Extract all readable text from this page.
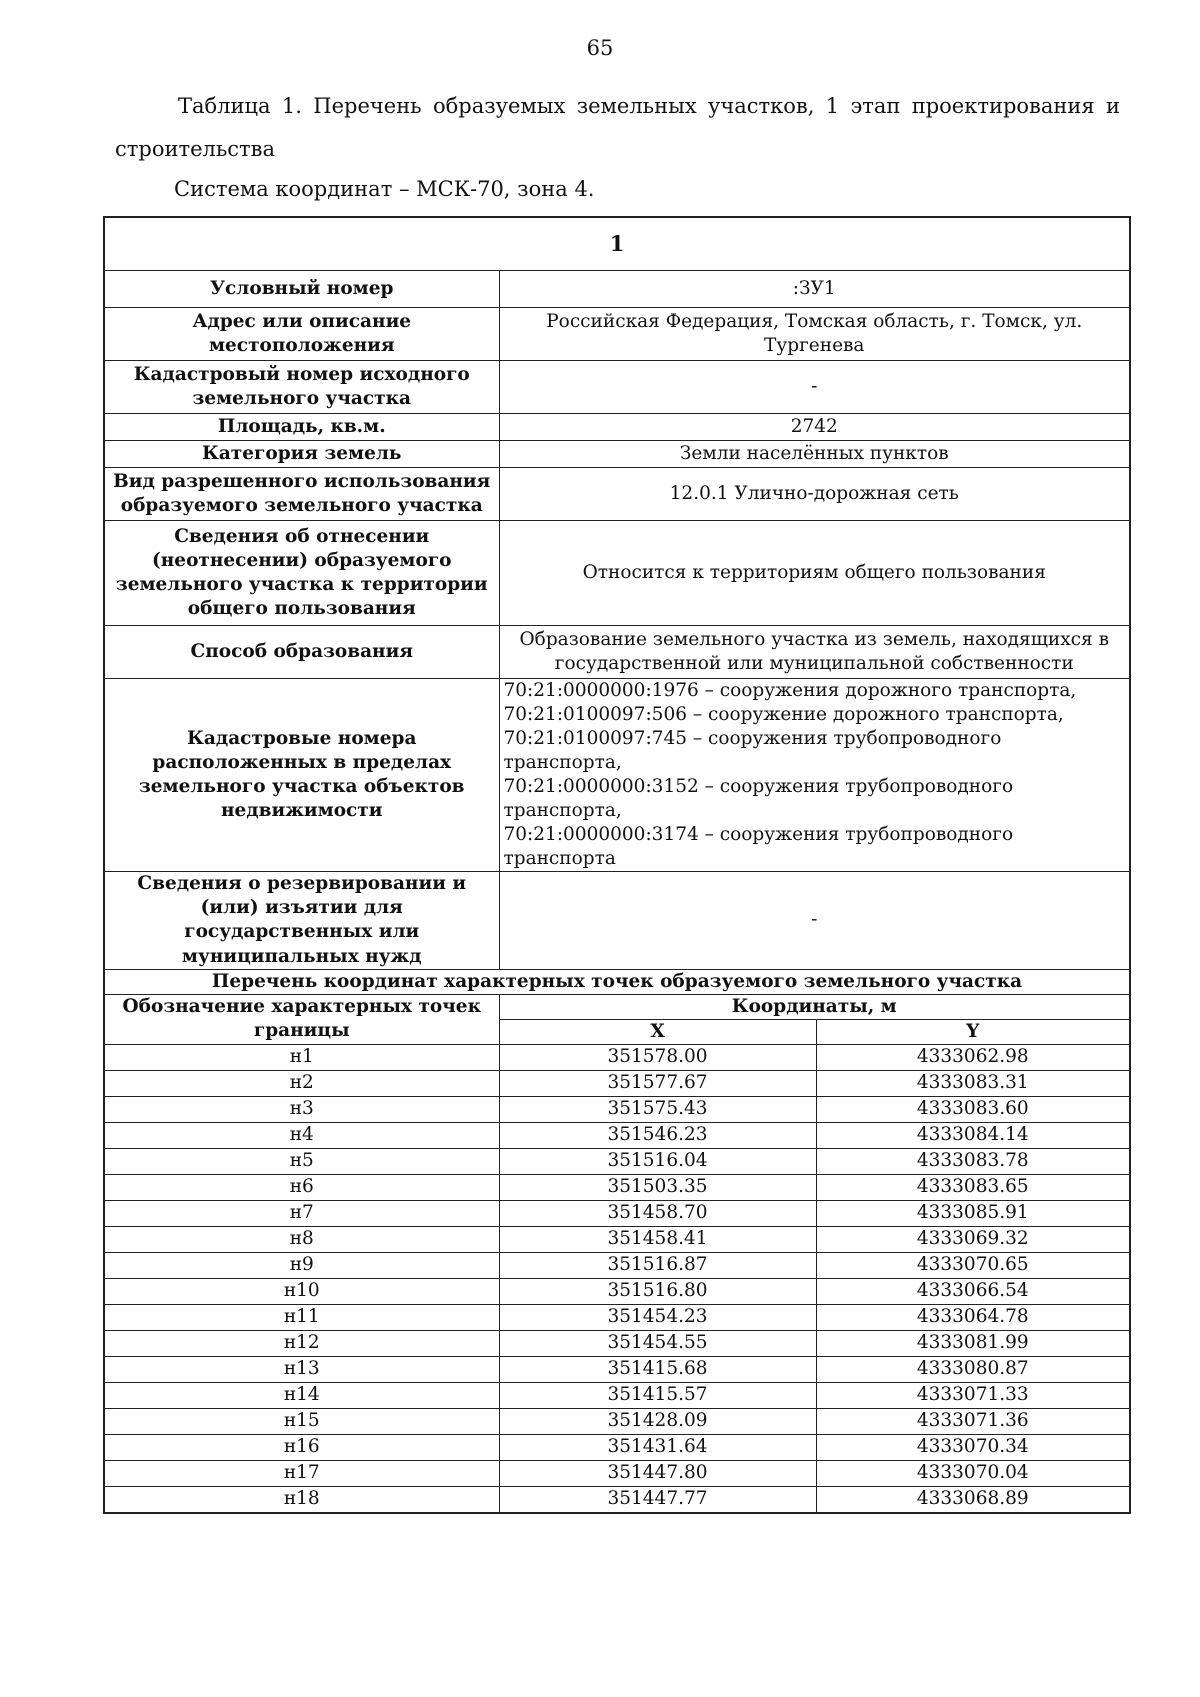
65
Таблица 1. Перечень образуемых земельных участков, 1 этап проектирования и
строительства
Система координат – МСК-70, зона 4.
1		
Условный номер	:ЗУ1	
Адрес или описание местоположения	Российская Федерация, Томская область, г. Томск, ул. Тургенева	
Кадастровый номер исходного земельного участка	-	
Площадь, кв.м.	2742	
Категория земель	Земли населённых пунктов	
Вид разрешенного использования образуемого земельного участка	12.0.1 Улично-дорожная сеть	
Сведения об отнесении (неотнесении) образуемого земельного участка к территории общего пользования	Относится к территориям общего пользования	
Способ образования	Образование земельного участка из земель, находящихся в государственной или муниципальной собственности	
Кадастровые номера расположенных в пределах земельного участка объектов недвижимости	70:21:0000000:1976 – сооружения дорожного транспорта,
70:21:0100097:506 – сооружение дорожного транспорта,
70:21:0100097:745 – сооружения трубопроводного транспорта,
70:21:0000000:3152 – сооружения трубопроводного транспорта,
70:21:0000000:3174 – сооружения трубопроводного транспорта	

Сведения о резервировании и (или) изъятии для государственных или муниципальных нужд	-	
Перечень координат характерных точек образуемого земельного участка		
Обозначение характерных точек границы	Координаты, м	
	X	Y
н1	351578.00	4333062.98
н2	351577.67	4333083.31
н3	351575.43	4333083.60
н4	351546.23	4333084.14
н5	351516.04	4333083.78
н6	351503.35	4333083.65
н7	351458.70	4333085.91
н8	351458.41	4333069.32
н9	351516.87	4333070.65
н10	351516.80	4333066.54
н11	351454.23	4333064.78
н12	351454.55	4333081.99
н13	351415.68	4333080.87
н14	351415.57	4333071.33
н15	351428.09	4333071.36
н16	351431.64	4333070.34
н17	351447.80	4333070.04
н18	351447.77	4333068.89
